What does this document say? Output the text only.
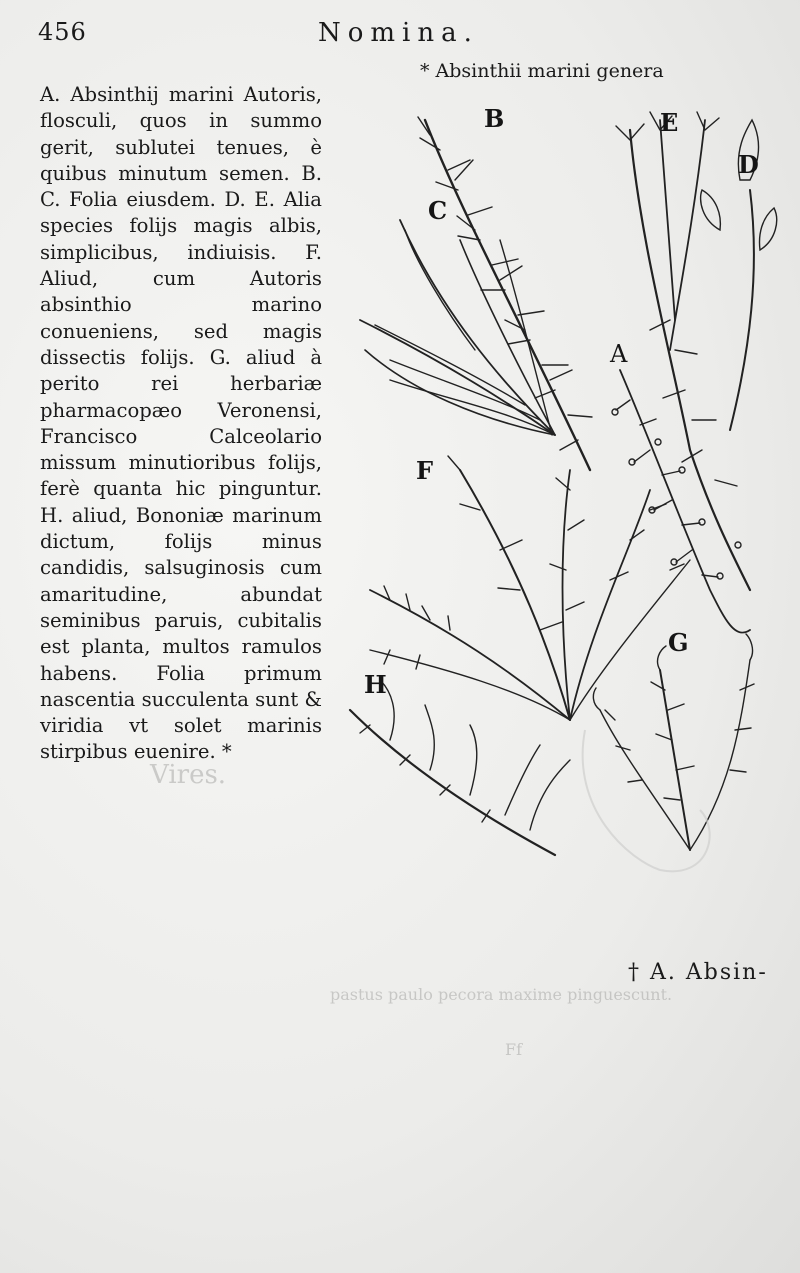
Vires.
pastus paulo pecora maxime pinguescunt.
Ff
456	Nomina.
* Absinthii marini genera

A. Absinthij marini Autoris, flosculi, quos in summo gerit, sublutei tenues, è quibus minutum semen. B. C. Folia eiusdem. D. E. Alia species folijs magis albis, simplicibus, indiuisis. F. Aliud, cum Autoris absinthio marino conueniens, sed magis dissectis folijs. G. aliud à perito rei herbariæ pharmacopæo Veronensi, Francisco Calceolario missum minutioribus folijs, ferè quanta hic pinguntur. H. aliud, Bononiæ marinum dictum, folijs minus candidis, salsuginosis cum amaritudine, abundat seminibus paruis, cubitalis est planta, multos ramulos habens. Folia primum nascentia succulenta sunt & viridia vt solet marinis stirpibus euenire. *

B	E
D
C
A
F
G
H
† A. Absin-
